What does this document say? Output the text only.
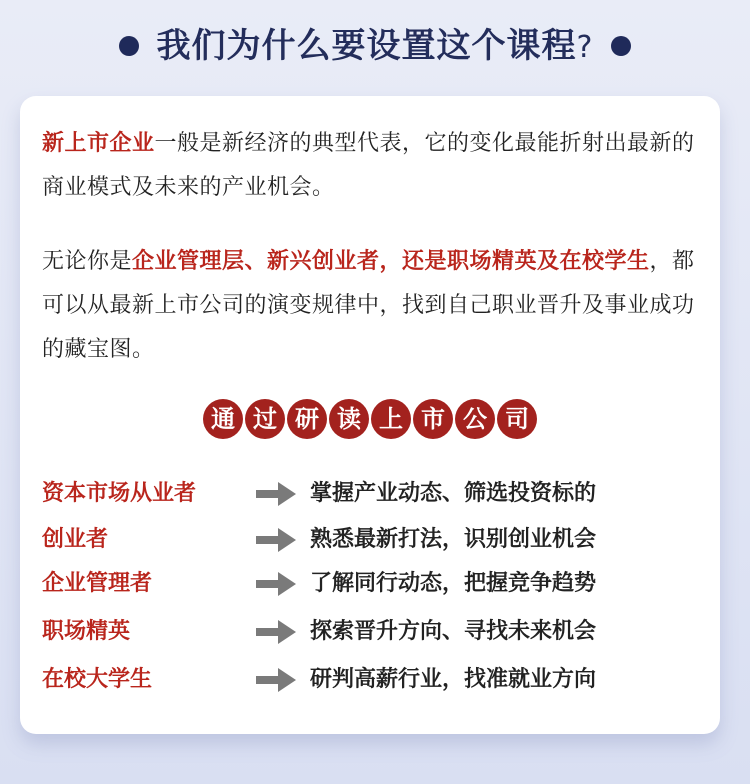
我们为什么要设置这个课程?
新上市企业一般是新经济的典型代表，它的变化最能折射出最新的商业模式及未来的产业机会。
无论你是企业管理层、新兴创业者，还是职场精英及在校学生，都可以从最新上市公司的演变规律中，找到自己职业晋升及事业成功的藏宝图。
通 过 研 读 上 市 公 司
资本市场从业者	掌握产业动态、筛选投资标的
创业者	熟悉最新打法，识别创业机会
企业管理者	了解同行动态，把握竞争趋势
职场精英	探索晋升方向、寻找未来机会
在校大学生	研判高薪行业，找准就业方向
